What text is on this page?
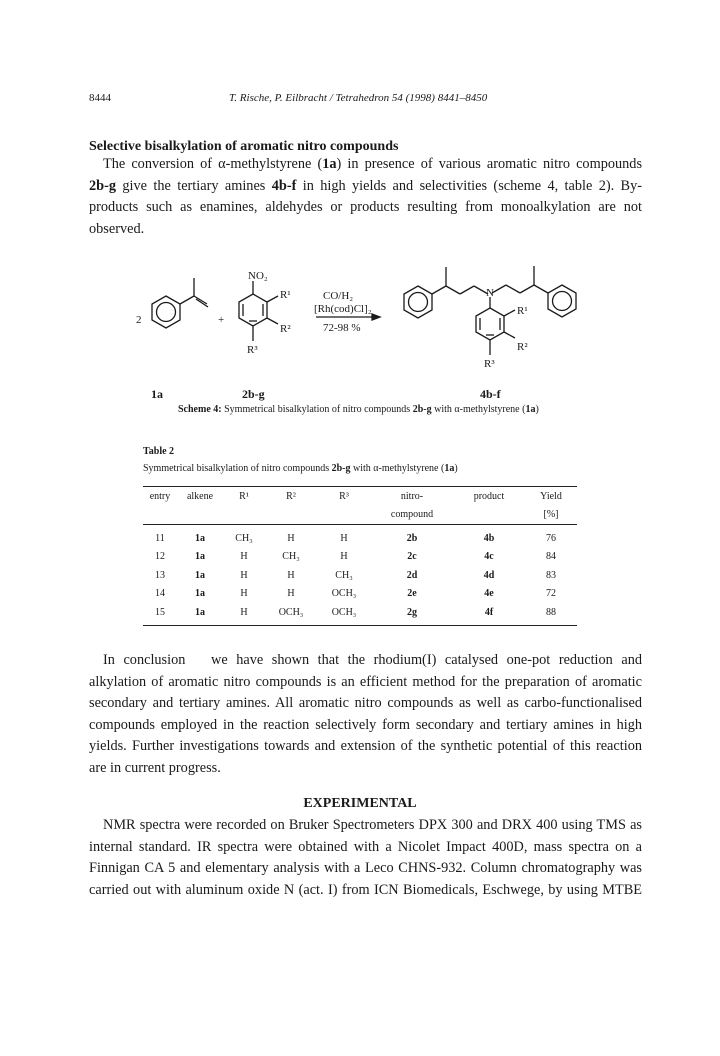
8444	T. Rische, P. Eilbracht / Tetrahedron 54 (1998) 8441–8450
Selective bisalkylation of aromatic nitro compounds
The conversion of α-methylstyrene (1a) in presence of various aromatic nitro compounds
2b-g give the tertiary amines 4b-f in high yields and selectivities (scheme 4, table 2). By-
products such as enamines, aldehydes or products resulting from monoalkylation are not
observed.
2	+
NO₂
R¹
R²
R³
CO/H₂
[Rh(cod)Cl]₂
72-98 %
N
R¹
R²
R³
1a	2b-g	4b-f
Scheme 4: Symmetrical bisalkylation of nitro compounds 2b-g with α-methylstyrene (1a)
Table 2
Symmetrical bisalkylation of nitro compounds 2b-g with α-methylstyrene (1a)
entry	alkene	R¹	R²	R³	nitro-	product	Yield
					compound		[%]
11	1a	CH₃	H	H	2b	4b	76
12	1a	H	CH₃	H	2c	4c	84
13	1a	H	H	CH₃	2d	4d	83
14	1a	H	H	OCH₃	2e	4e	72
15	1a	H	OCH₃	OCH₃	2g	4f	88
In conclusion   we have shown that the rhodium(I) catalysed one-pot reduction and
alkylation of aromatic nitro compounds is an efficient method for the preparation of aromatic
secondary and tertiary amines. All aromatic nitro compounds as well as carbo-functionalised
compounds employed in the reaction selectively form secondary and tertiary amines in high
yields. Further investigations towards and extension of the synthetic potential of this reaction
are in current progress.
EXPERIMENTAL
NMR spectra were recorded on Bruker Spectrometers DPX 300 and DRX 400 using TMS as
internal standard. IR spectra were obtained with a Nicolet Impact 400D, mass spectra on a
Finnigan CA 5 and elementary analysis with a Leco CHNS-932. Column chromatography was
carried out with aluminum oxide N (act. I) from ICN Biomedicals, Eschwege, by using MTBE
